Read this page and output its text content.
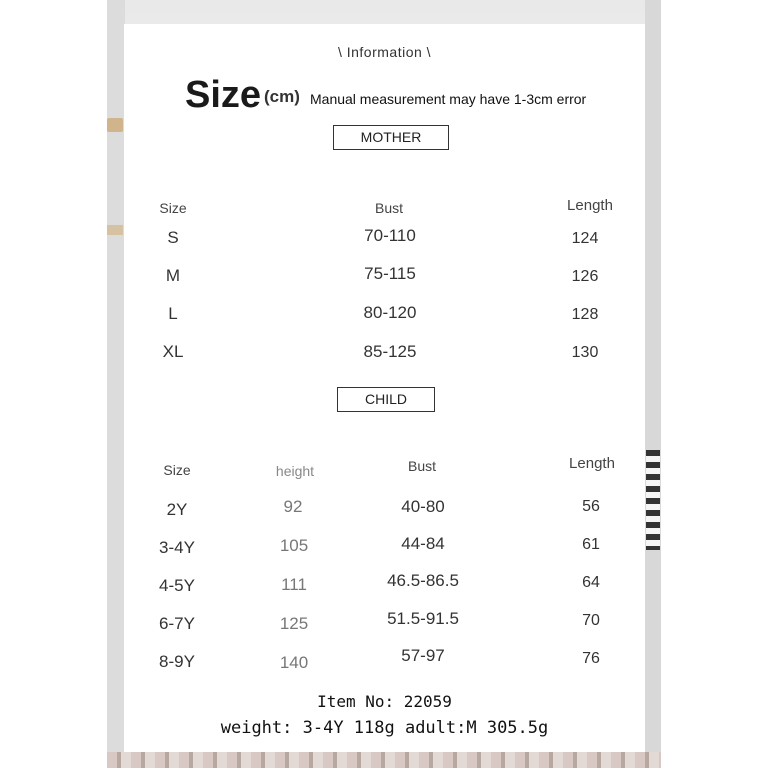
\ Information \
Size (cm) Manual measurement may have 1-3cm error
MOTHER
Size	Bust	Length
S	70-110	124
M	75-115	126
L	80-120	128
XL	85-125	130
CHILD
Size	height	Bust	Length
2Y	92	40-80	56
3-4Y	105	44-84	61
4-5Y	111	46.5-86.5	64
6-7Y	125	51.5-91.5	70
8-9Y	140	57-97	76
Item No: 22059
weight: 3-4Y 118g adult:M 305.5g
